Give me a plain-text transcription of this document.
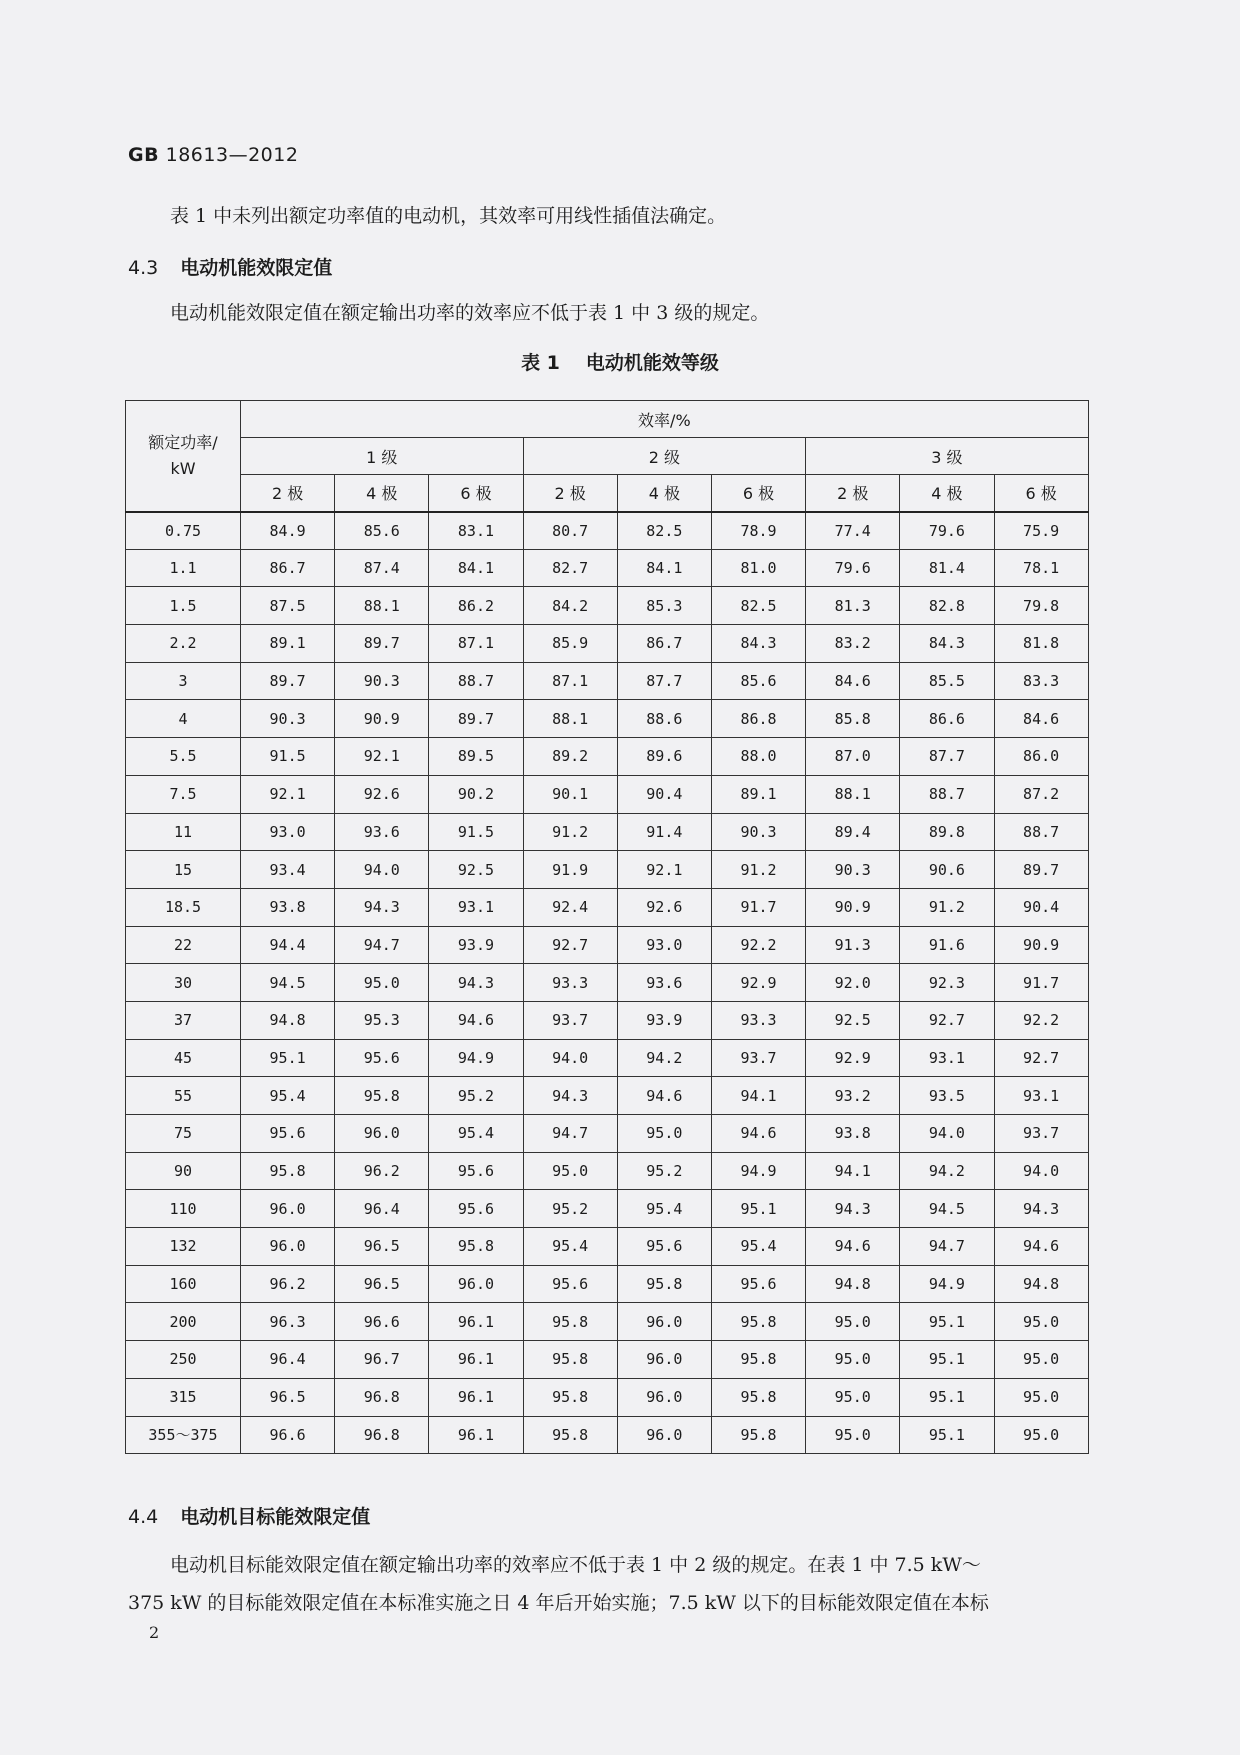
GB 18613—2012
表 1 中未列出额定功率值的电动机，其效率可用线性插值法确定。
4.3 电动机能效限定值
电动机能效限定值在额定输出功率的效率应不低于表 1 中 3 级的规定。
表 1 电动机能效等级
额定功率/
kW	效率/%								
	1 级			2 级			3 级		
	2 极	4 极	6 极	2 极	4 极	6 极	2 极	4 极	6 极
0.75	84.9	85.6	83.1	80.7	82.5	78.9	77.4	79.6	75.9
1.1	86.7	87.4	84.1	82.7	84.1	81.0	79.6	81.4	78.1
1.5	87.5	88.1	86.2	84.2	85.3	82.5	81.3	82.8	79.8
2.2	89.1	89.7	87.1	85.9	86.7	84.3	83.2	84.3	81.8
3	89.7	90.3	88.7	87.1	87.7	85.6	84.6	85.5	83.3
4	90.3	90.9	89.7	88.1	88.6	86.8	85.8	86.6	84.6
5.5	91.5	92.1	89.5	89.2	89.6	88.0	87.0	87.7	86.0
7.5	92.1	92.6	90.2	90.1	90.4	89.1	88.1	88.7	87.2
11	93.0	93.6	91.5	91.2	91.4	90.3	89.4	89.8	88.7
15	93.4	94.0	92.5	91.9	92.1	91.2	90.3	90.6	89.7
18.5	93.8	94.3	93.1	92.4	92.6	91.7	90.9	91.2	90.4
22	94.4	94.7	93.9	92.7	93.0	92.2	91.3	91.6	90.9
30	94.5	95.0	94.3	93.3	93.6	92.9	92.0	92.3	91.7
37	94.8	95.3	94.6	93.7	93.9	93.3	92.5	92.7	92.2
45	95.1	95.6	94.9	94.0	94.2	93.7	92.9	93.1	92.7
55	95.4	95.8	95.2	94.3	94.6	94.1	93.2	93.5	93.1
75	95.6	96.0	95.4	94.7	95.0	94.6	93.8	94.0	93.7
90	95.8	96.2	95.6	95.0	95.2	94.9	94.1	94.2	94.0
110	96.0	96.4	95.6	95.2	95.4	95.1	94.3	94.5	94.3
132	96.0	96.5	95.8	95.4	95.6	95.4	94.6	94.7	94.6
160	96.2	96.5	96.0	95.6	95.8	95.6	94.8	94.9	94.8
200	96.3	96.6	96.1	95.8	96.0	95.8	95.0	95.1	95.0
250	96.4	96.7	96.1	95.8	96.0	95.8	95.0	95.1	95.0
315	96.5	96.8	96.1	95.8	96.0	95.8	95.0	95.1	95.0
355～375	96.6	96.8	96.1	95.8	96.0	95.8	95.0	95.1	95.0
4.4 电动机目标能效限定值
电动机目标能效限定值在额定输出功率的效率应不低于表 1 中 2 级的规定。在表 1 中 7.5 kW～
375 kW 的目标能效限定值在本标准实施之日 4 年后开始实施；7.5 kW 以下的目标能效限定值在本标
2
